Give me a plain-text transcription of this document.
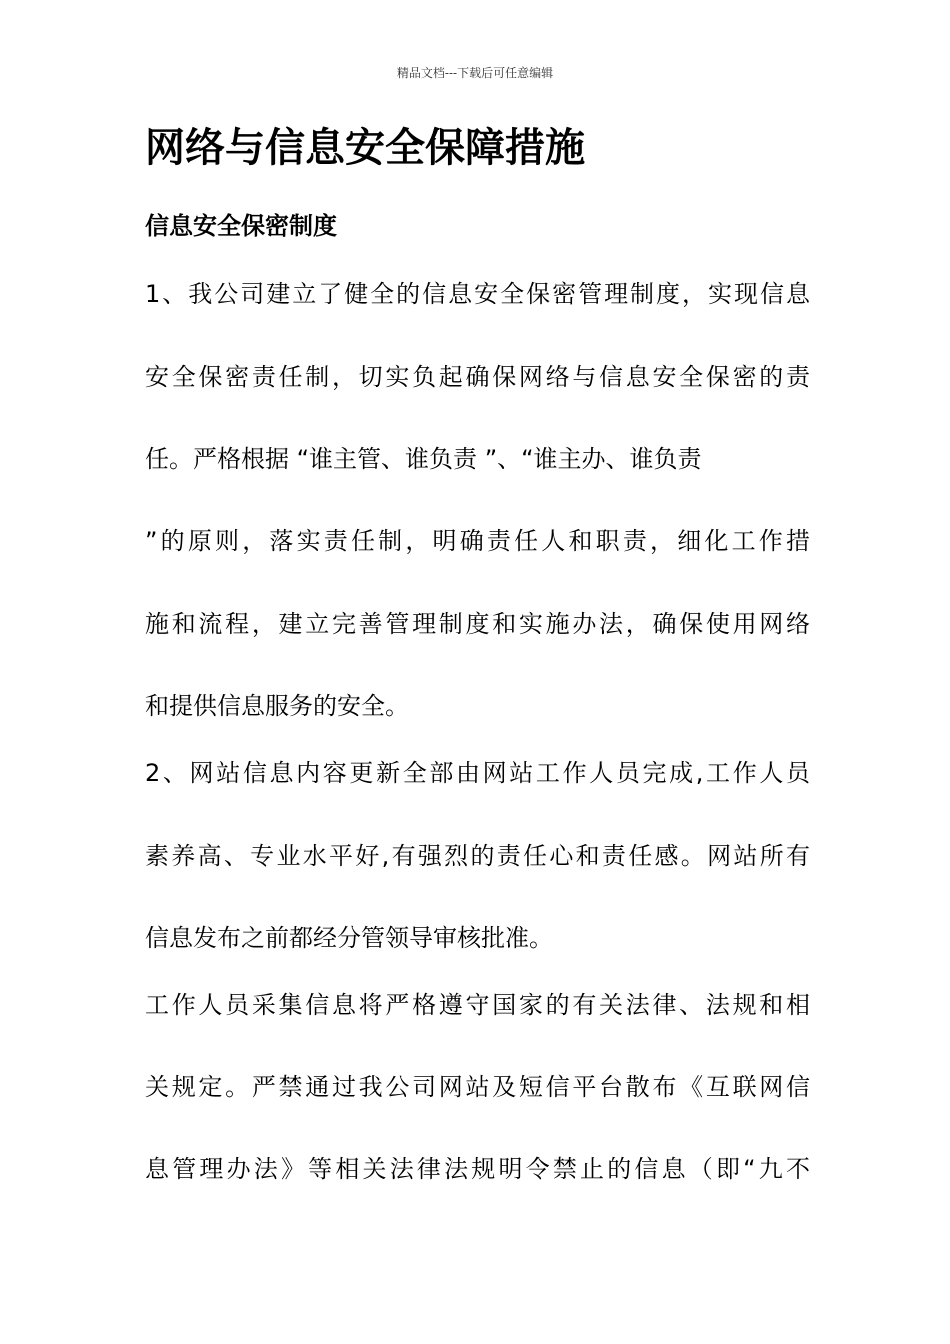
精品文档---下载后可任意编辑
网络与信息安全保障措施
信息安全保密制度

1、我公司建立了健全的信息安全保密管理制度，实现信息

安全保密责任制，切实负起确保网络与信息安全保密的责

任。严格根据 “谁主管、谁负责 ”、“谁主办、谁负责

”的原则，落实责任制，明确责任人和职责，细化工作措

施和流程，建立完善管理制度和实施办法，确保使用网络

和提供信息服务的安全。

2、网站信息内容更新全部由网站工作人员完成,工作人员

素养高、专业水平好,有强烈的责任心和责任感。网站所有

信息发布之前都经分管领导审核批准。

工作人员采集信息将严格遵守国家的有关法律、法规和相

关规定。严禁通过我公司网站及短信平台散布《互联网信

息管理办法》等相关法律法规明令禁止的信息（即“九不
